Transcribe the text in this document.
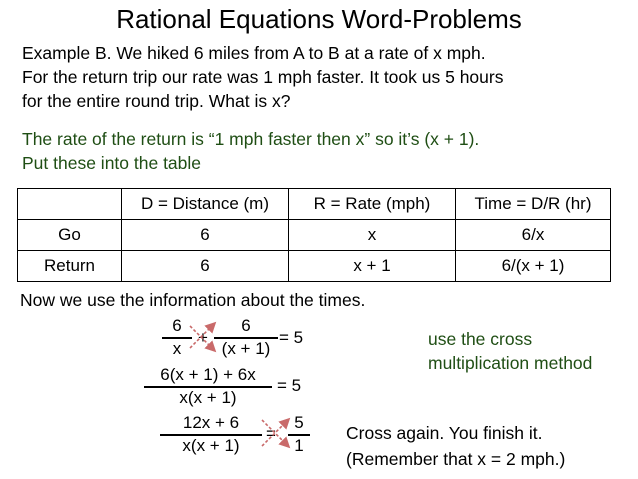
Rational Equations Word-Problems
Example B. We hiked 6 miles from A to B at a rate of x mph.
For the return trip our rate was 1 mph faster. It took us 5 hours
for the entire round trip. What is x?
The rate of the return is “1 mph faster then x” so it’s (x + 1).
Put these into the table
	D = Distance (m)	R = Rate (mph)	Time = D/R (hr)
Go	6	x	6/x
Return	6	x + 1	6/(x + 1)
Now we use the information about the times.
6
x
+
6
(x + 1)
= 5
6(x + 1) + 6x
x(x + 1)
= 5
12x + 6
x(x + 1)
=
5
1
use the cross
multiplication method
Cross again. You finish it.
(Remember that x = 2 mph.)
